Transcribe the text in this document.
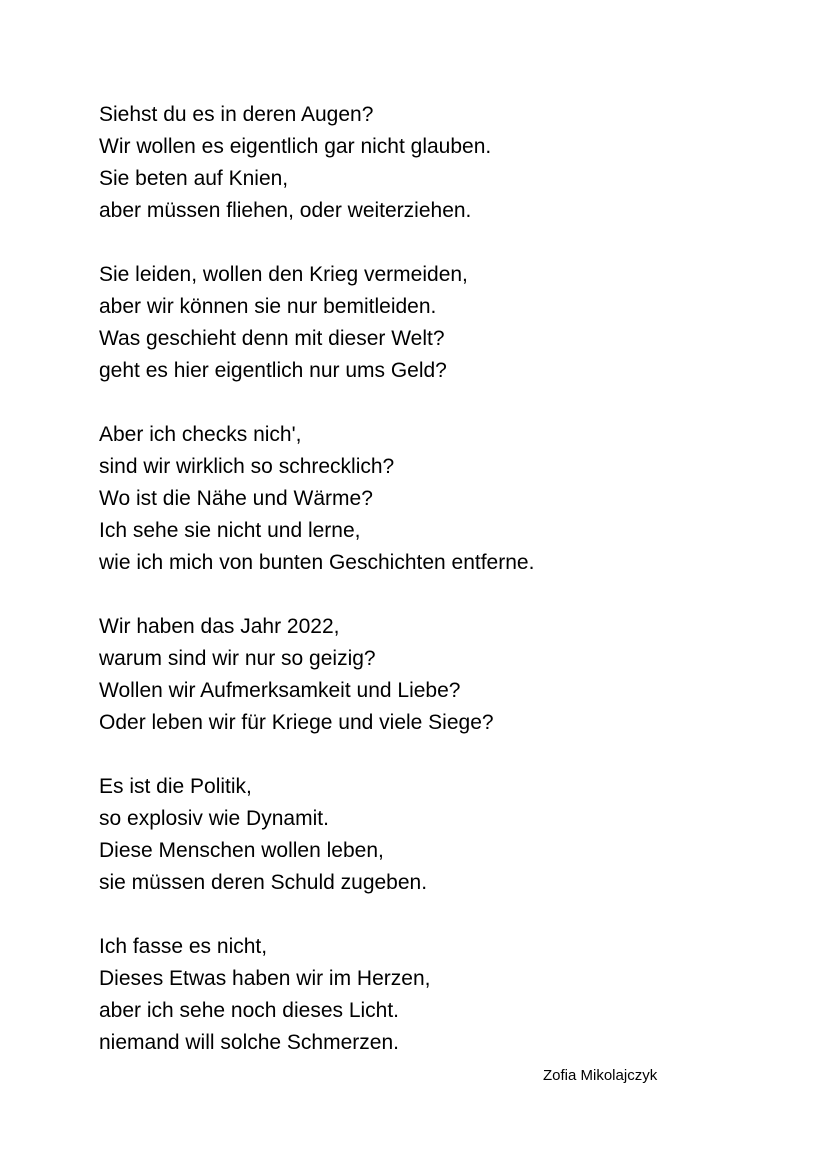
Siehst du es in deren Augen?
Wir wollen es eigentlich gar nicht glauben.
Sie beten auf Knien,
aber müssen fliehen, oder weiterziehen.
Sie leiden, wollen den Krieg vermeiden,
aber wir können sie nur bemitleiden.
Was geschieht denn mit dieser Welt?
geht es hier eigentlich nur ums Geld?
Aber ich checks nich',
sind wir wirklich so schrecklich?
Wo ist die Nähe und Wärme?
Ich sehe sie nicht und lerne,
wie ich mich von bunten Geschichten entferne.
Wir haben das Jahr 2022,
warum sind wir nur so geizig?
Wollen wir Aufmerksamkeit und Liebe?
Oder leben wir für Kriege und viele Siege?
Es ist die Politik,
so explosiv wie Dynamit.
Diese Menschen wollen leben,
sie müssen deren Schuld zugeben.
Ich fasse es nicht,
Dieses Etwas haben wir im Herzen,
aber ich sehe noch dieses Licht.
niemand will solche Schmerzen.
Zofia Mikolajczyk
